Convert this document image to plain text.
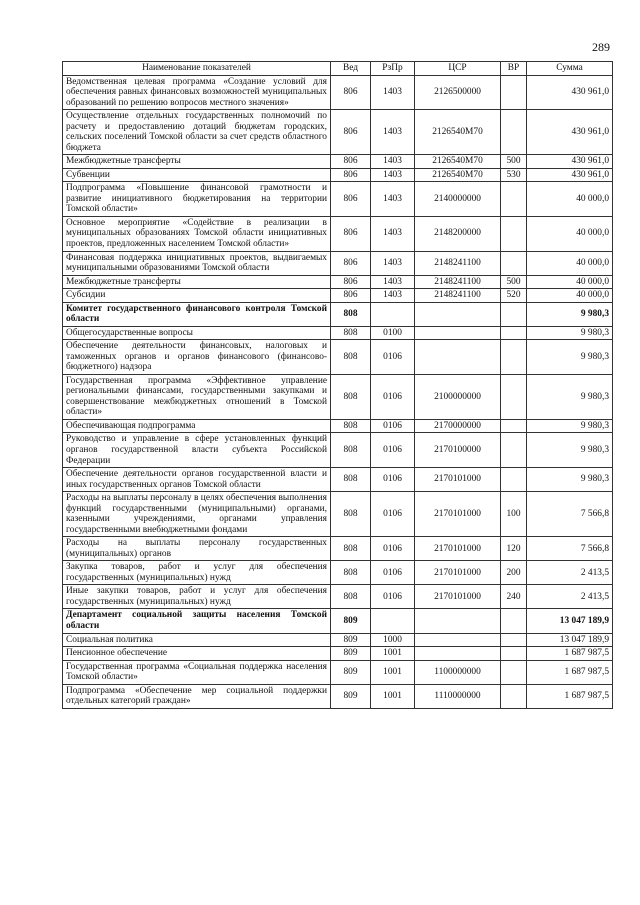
289
Наименование показателей	Вед	РзПр	ЦСР	ВР	Сумма
Ведомственная целевая программа «Создание условий для обеспечения равных финансовых возможностей муниципальных образований по решению вопросов местного значения»	806	1403	2126500000		430 961,0
Осуществление отдельных государственных полномочий по расчету и предоставлению дотаций бюджетам городских, сельских поселений Томской области за счет средств областного бюджета	806	1403	2126540М70		430 961,0
Межбюджетные трансферты	806	1403	2126540М70	500	430 961,0
Субвенции	806	1403	2126540М70	530	430 961,0
Подпрограмма «Повышение финансовой грамотности и развитие инициативного бюджетирования на территории Томской области»	806	1403	2140000000		40 000,0
Основное мероприятие «Содействие в реализации в муниципальных образованиях Томской области инициативных проектов, предложенных населением Томской области»	806	1403	2148200000		40 000,0
Финансовая поддержка инициативных проектов, выдвигаемых муниципальными образованиями Томской области	806	1403	2148241100		40 000,0
Межбюджетные трансферты	806	1403	2148241100	500	40 000,0
Субсидии	806	1403	2148241100	520	40 000,0
Комитет государственного финансового контроля Томской области	808				9 980,3
Общегосударственные вопросы	808	0100			9 980,3
Обеспечение деятельности финансовых, налоговых и таможенных органов и органов финансового (финансово-бюджетного) надзора	808	0106			9 980,3
Государственная программа «Эффективное управление региональными финансами, государственными закупками и совершенствование межбюджетных отношений в Томской области»	808	0106	2100000000		9 980,3
Обеспечивающая подпрограмма	808	0106	2170000000		9 980,3
Руководство и управление в сфере установленных функций органов государственной власти субъекта Российской Федерации	808	0106	2170100000		9 980,3
Обеспечение деятельности органов государственной власти и иных государственных органов Томской области	808	0106	2170101000		9 980,3
Расходы на выплаты персоналу в целях обеспечения выполнения функций государственными (муниципальными) органами, казенными учреждениями, органами управления государственными внебюджетными фондами	808	0106	2170101000	100	7 566,8
Расходы на выплаты персоналу государственных (муниципальных) органов	808	0106	2170101000	120	7 566,8
Закупка товаров, работ и услуг для обеспечения государственных (муниципальных) нужд	808	0106	2170101000	200	2 413,5
Иные закупки товаров, работ и услуг для обеспечения государственных (муниципальных) нужд	808	0106	2170101000	240	2 413,5
Департамент социальной защиты населения Томской области	809				13 047 189,9
Социальная политика	809	1000			13 047 189,9
Пенсионное обеспечение	809	1001			1 687 987,5
Государственная программа «Социальная поддержка населения Томской области»	809	1001	1100000000		1 687 987,5
Подпрограмма «Обеспечение мер социальной поддержки отдельных категорий граждан»	809	1001	1110000000		1 687 987,5
